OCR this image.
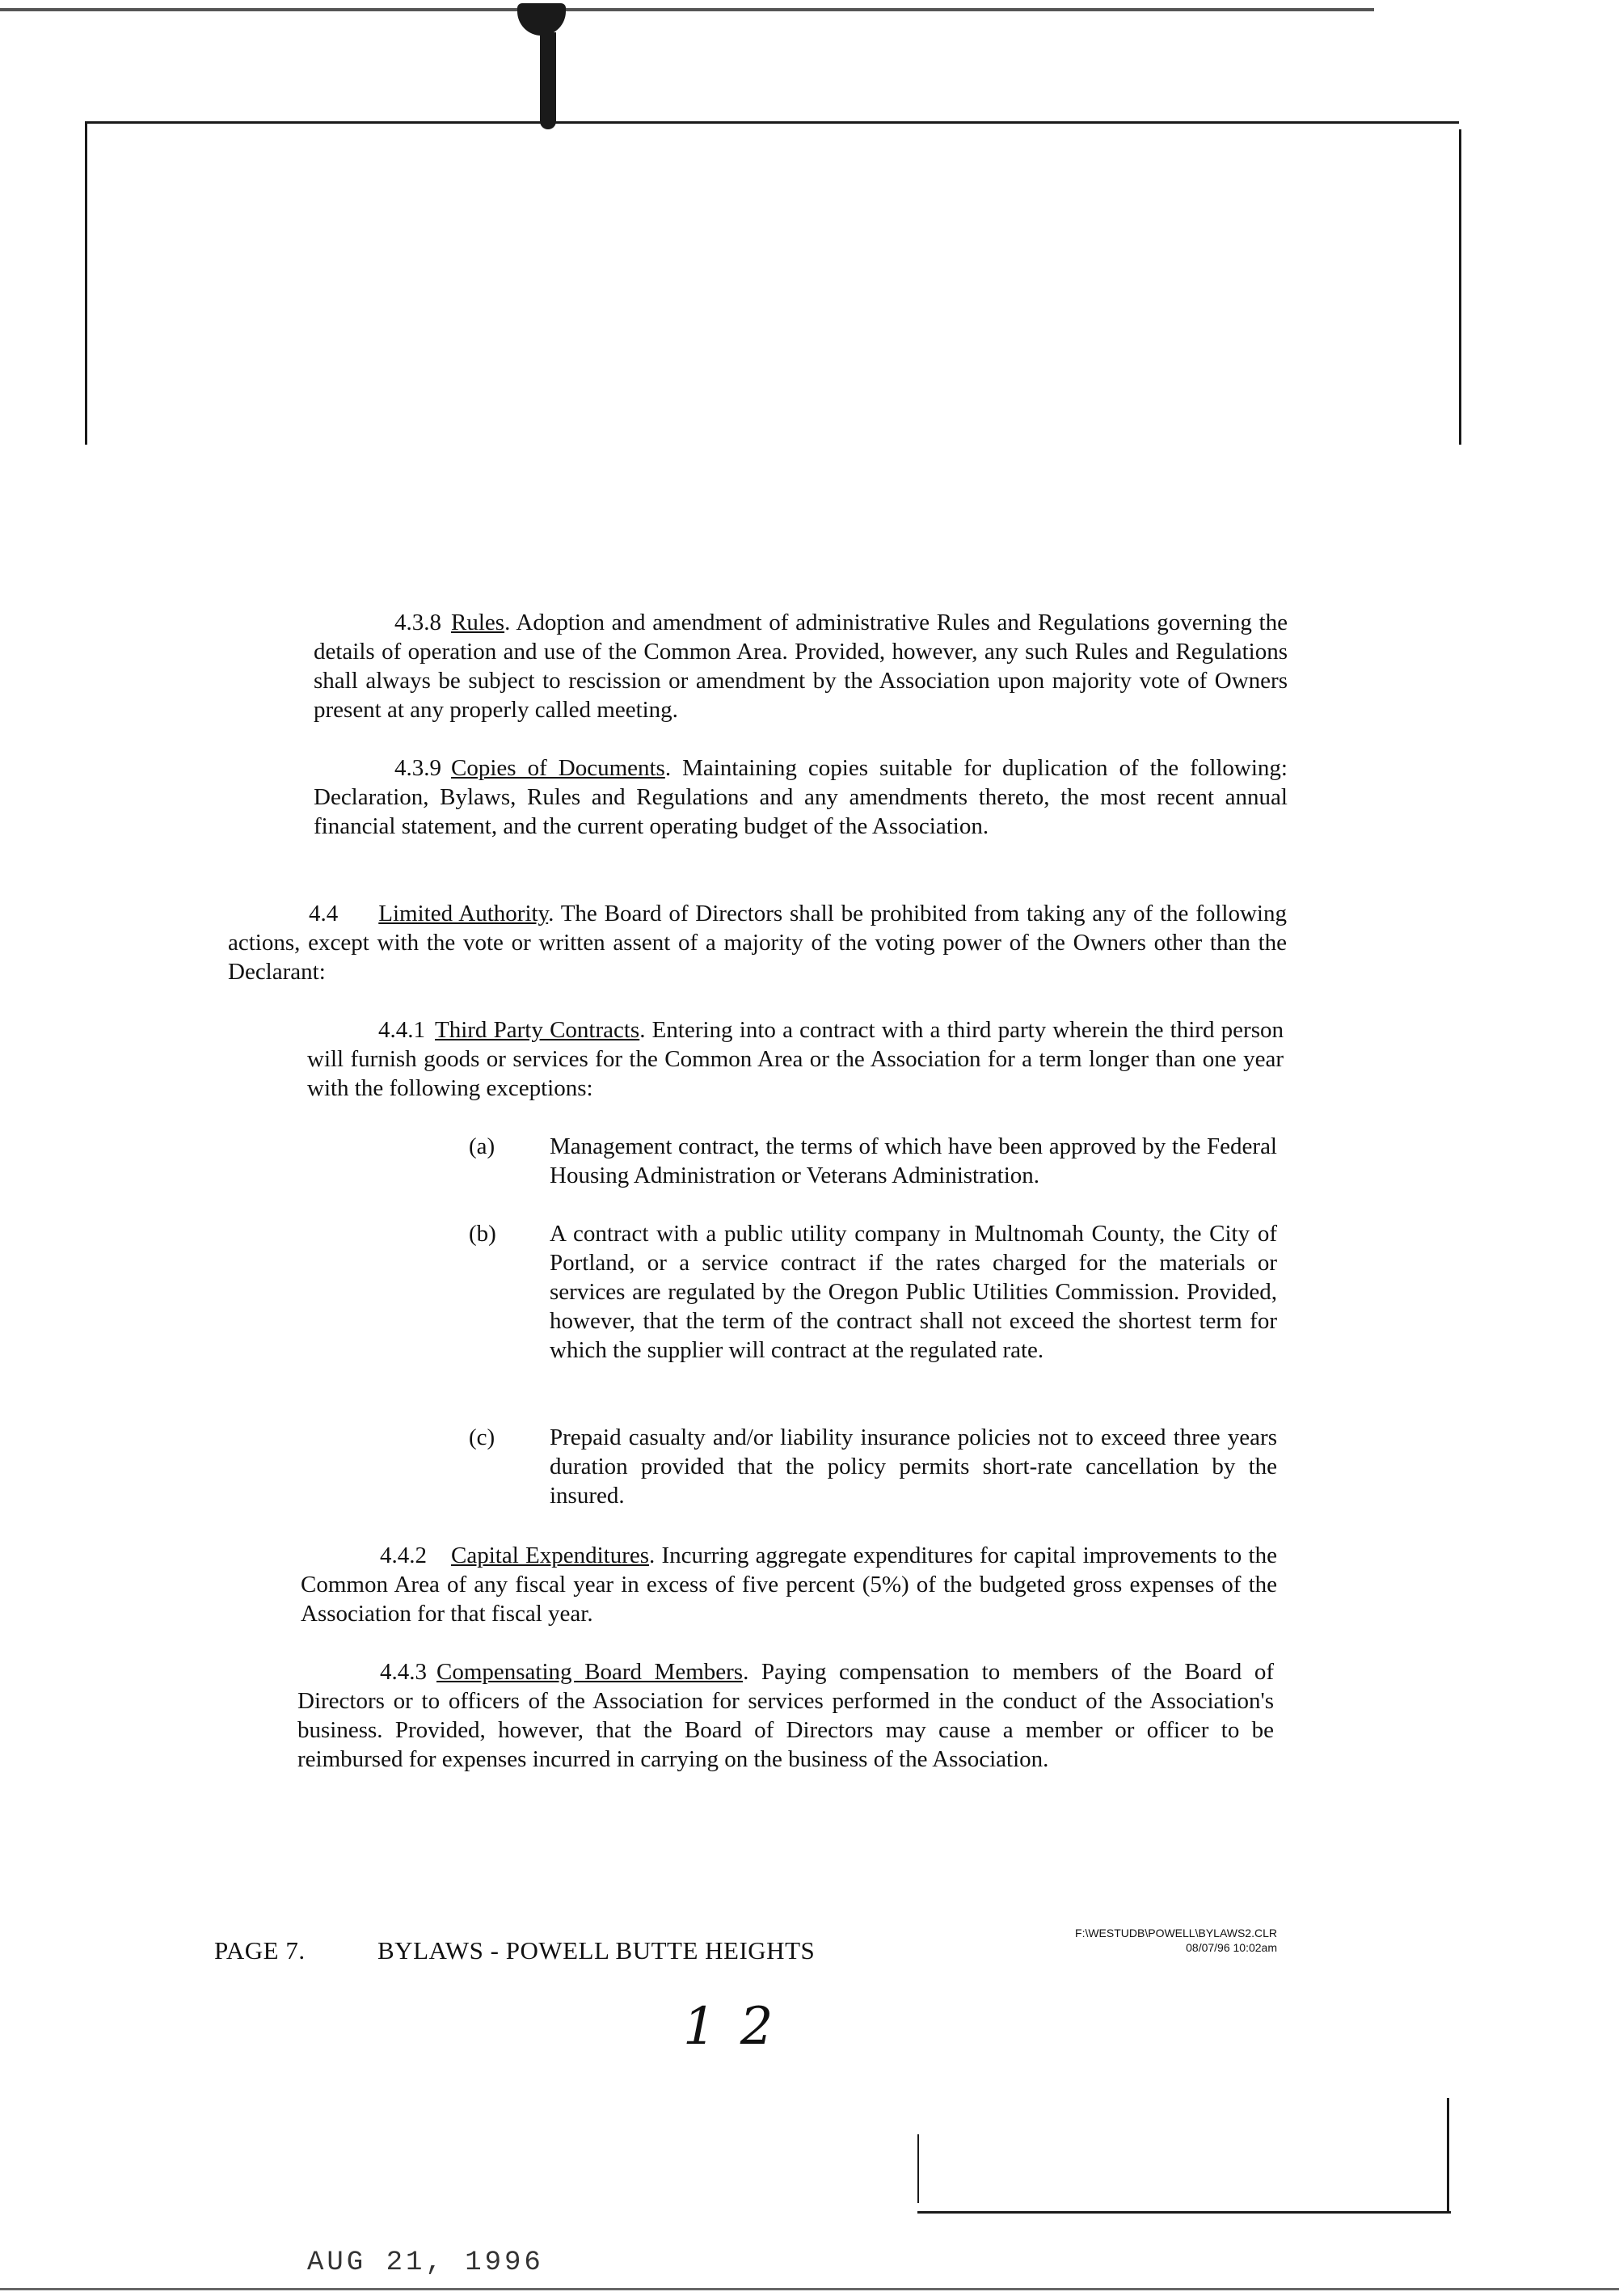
4.3.8 Rules. Adoption and amendment of administrative Rules and Regulations governing the details of operation and use of the Common Area. Provided, however, any such Rules and Regulations shall always be subject to rescission or amendment by the Association upon majority vote of Owners present at any properly called meeting.
4.3.9 Copies of Documents. Maintaining copies suitable for duplication of the following: Declaration, Bylaws, Rules and Regulations and any amendments thereto, the most recent annual financial statement, and the current operating budget of the Association.
4.4 Limited Authority. The Board of Directors shall be prohibited from taking any of the following actions, except with the vote or written assent of a majority of the voting power of the Owners other than the Declarant:
4.4.1 Third Party Contracts. Entering into a contract with a third party wherein the third person will furnish goods or services for the Common Area or the Association for a term longer than one year with the following exceptions:
(a) Management contract, the terms of which have been approved by the Federal Housing Administration or Veterans Administration.
(b) A contract with a public utility company in Multnomah County, the City of Portland, or a service contract if the rates charged for the materials or services are regulated by the Oregon Public Utilities Commission. Provided, however, that the term of the contract shall not exceed the shortest term for which the supplier will contract at the regulated rate.
(c) Prepaid casualty and/or liability insurance policies not to exceed three years duration provided that the policy permits short-rate cancellation by the insured.
4.4.2 Capital Expenditures. Incurring aggregate expenditures for capital improvements to the Common Area of any fiscal year in excess of five percent (5%) of the budgeted gross expenses of the Association for that fiscal year.
4.4.3 Compensating Board Members. Paying compensation to members of the Board of Directors or to officers of the Association for services performed in the conduct of the Association's business. Provided, however, that the Board of Directors may cause a member or officer to be reimbursed for expenses incurred in carrying on the business of the Association.
PAGE 7.	BYLAWS - POWELL BUTTE HEIGHTS
F:\WESTUDB\POWELL\BYLAWS2.CLR
08/07/96 10:02am
12
AUG 21, 1996
